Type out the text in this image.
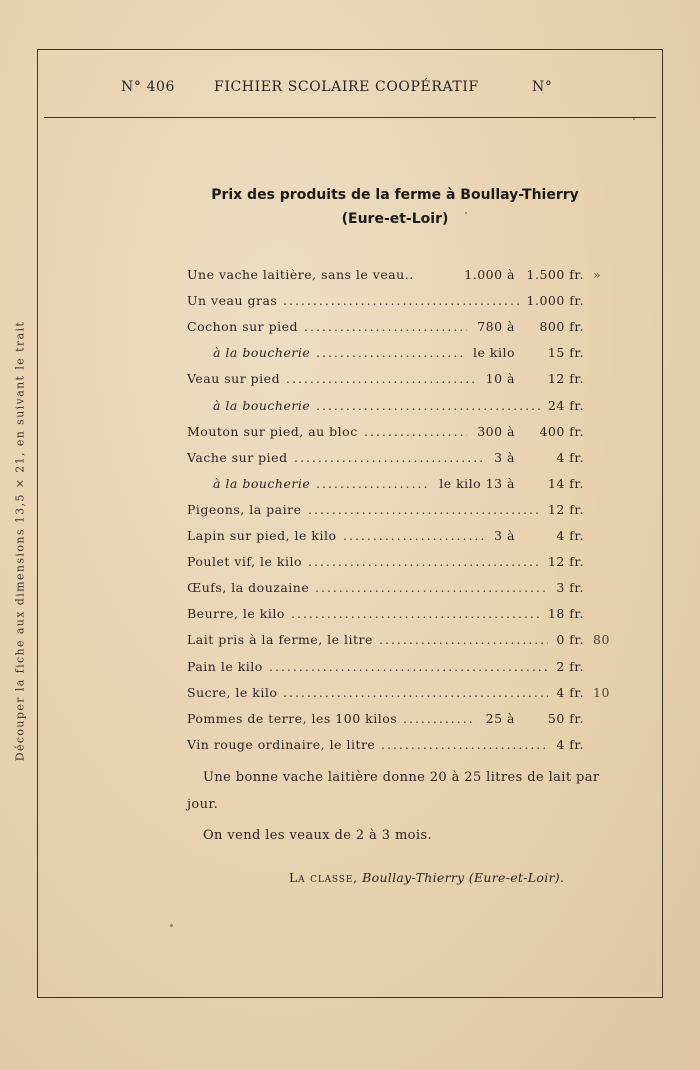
N° 406	FICHIER SCOLAIRE COOPÉRATIF	N°
Prix des produits de la ferme à Boullay-Thierry
(Eure-et-Loir)
Une vache laitière, sans le veau..	1.000 à 1.500 fr. »
Un veau gras .....	1.000 fr.
Cochon sur pied .....	780 à 800 fr.
à la boucherie .....	le kilo	15 fr.
Veau sur pied .....	10 à	12 fr.
à la boucherie .....	24 fr.
Mouton sur pied, au bloc .....	300 à 400 fr.
Vache sur pied .....	3 à	4 fr.
à la boucherie .....	le kilo 13 à	14 fr.
Pigeons, la paire .....	12 fr.
Lapin sur pied, le kilo .....	3 à	4 fr.
Poulet vif, le kilo .....	12 fr.
Œufs, la douzaine .....	3 fr.
Beurre, le kilo .....	18 fr.
Lait pris à la ferme, le litre .....	0 fr. 80
Pain le kilo .....	2 fr.
Sucre, le kilo .....	4 fr. 10
Pommes de terre, les 100 kilos .....	25 à	50 fr.
Vin rouge ordinaire, le litre .....	4 fr.
Une bonne vache laitière donne 20 à 25 litres de lait par jour.
On vend les veaux de 2 à 3 mois.
La classe, Boullay-Thierry (Eure-et-Loir).
Découper la fiche aux dimensions 13,5 × 21, en suivant le trait
